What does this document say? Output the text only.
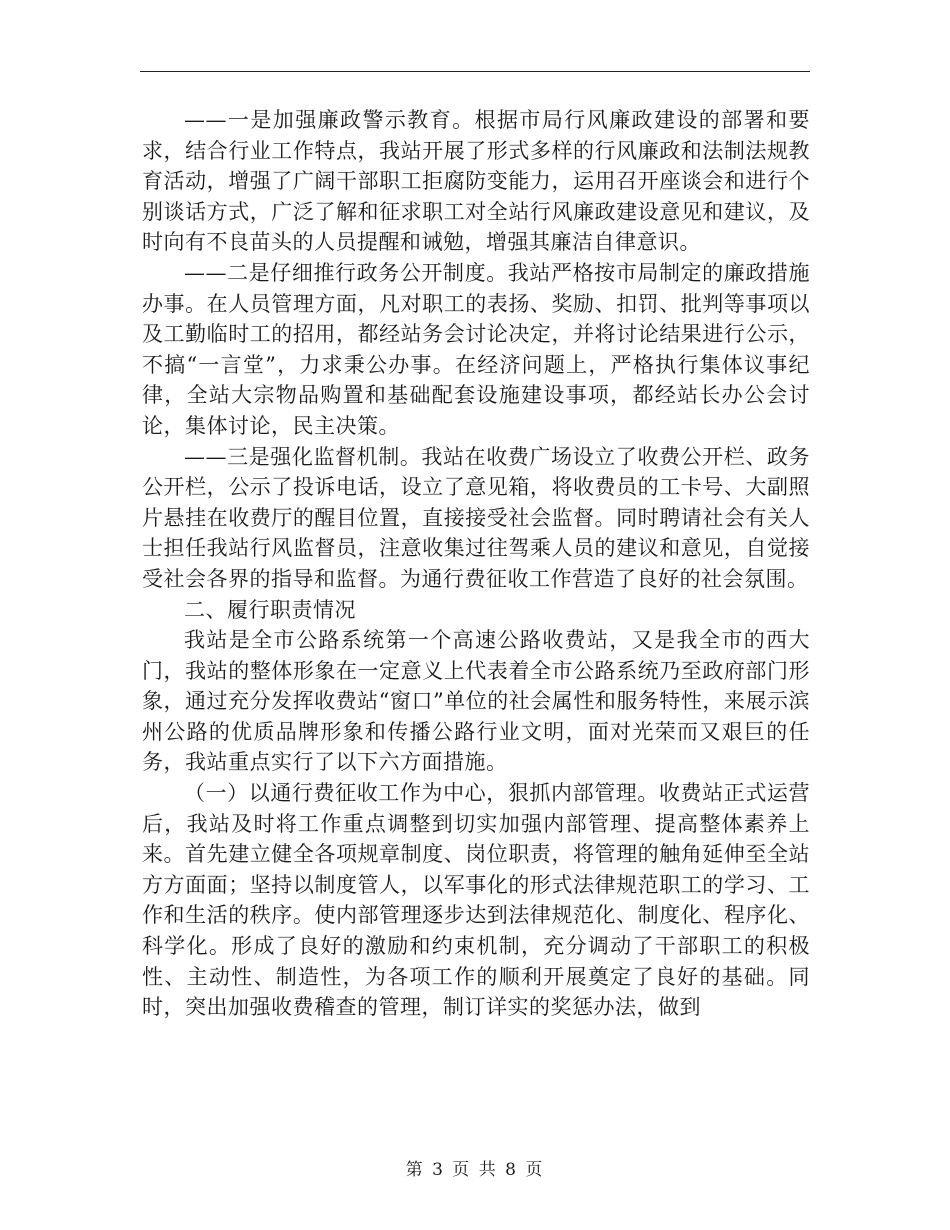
——一是加强廉政警示教育。根据市局行风廉政建设的部署和要求，结合行业工作特点，我站开展了形式多样的行风廉政和法制法规教育活动，增强了广阔干部职工拒腐防变能力，运用召开座谈会和进行个别谈话方式，广泛了解和征求职工对全站行风廉政建设意见和建议，及时向有不良苗头的人员提醒和诫勉，增强其廉洁自律意识。

——二是仔细推行政务公开制度。我站严格按市局制定的廉政措施办事。在人员管理方面，凡对职工的表扬、奖励、扣罚、批判等事项以及工勤临时工的招用，都经站务会讨论决定，并将讨论结果进行公示，不搞“一言堂”，力求秉公办事。在经济问题上，严格执行集体议事纪律，全站大宗物品购置和基础配套设施建设事项，都经站长办公会讨论，集体讨论，民主决策。

——三是强化监督机制。我站在收费广场设立了收费公开栏、政务公开栏，公示了投诉电话，设立了意见箱，将收费员的工卡号、大副照片悬挂在收费厅的醒目位置，直接接受社会监督。同时聘请社会有关人士担任我站行风监督员，注意收集过往驾乘人员的建议和意见，自觉接受社会各界的指导和监督。为通行费征收工作营造了良好的社会氛围。

二、履行职责情况

我站是全市公路系统第一个高速公路收费站，又是我全市的西大门，我站的整体形象在一定意义上代表着全市公路系统乃至政府部门形象，通过充分发挥收费站“窗口”单位的社会属性和服务特性，来展示滨州公路的优质品牌形象和传播公路行业文明，面对光荣而又艰巨的任务，我站重点实行了以下六方面措施。

（一）以通行费征收工作为中心，狠抓内部管理。收费站正式运营后，我站及时将工作重点调整到切实加强内部管理、提高整体素养上来。首先建立健全各项规章制度、岗位职责，将管理的触角延伸至全站方方面面；坚持以制度管人，以军事化的形式法律规范职工的学习、工作和生活的秩序。使内部管理逐步达到法律规范化、制度化、程序化、科学化。形成了良好的激励和约束机制，充分调动了干部职工的积极性、主动性、制造性，为各项工作的顺利开展奠定了良好的基础。同时，突出加强收费稽查的管理，制订详实的奖惩办法，做到

第 3 页 共 8 页
